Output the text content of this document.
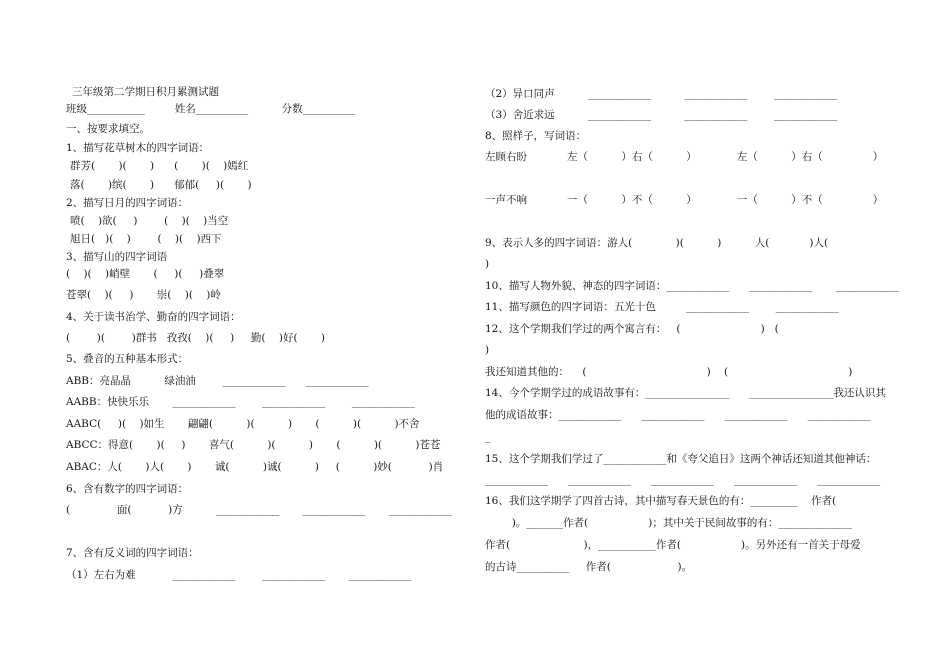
三年级第二学期日积月累测试题
班级___________         姓名__________          分数__________
一、按要求填空。
1、描写花草树木的四字词语：
群芳(       )(       )      (       )(    )嫣红
落(       )缤(       )      郁郁(     )(       )
2、描写日月的四字词语：
喷(    )欲(     )        (    )(    )当空
旭日(   )(    )        (    )(    )西下
3、描写山的四字词语
(    )(    )峭壁       (     )(     )叠翠
苍翠(    )(     )       崇(    )(    )岭
4、关于读书治学、勤奋的四字词语：
(        )(        )群书   孜孜(    )(     )     勤(    )好(       )
5、叠音的五种基本形式：
ABB：亮晶晶          绿油油        ____________      ____________
AABB：快快乐乐       ____________        ____________        ____________
AABC(     )(    )如生       翩翩(          )(          )       (          )(          )不舍
ABCC：得意(       )(     )       喜气(          )(          )       (          )(          )苍苍
ABAC：人(       )人(       )       诚(          )诚(          )     (          )妙(           )肖
6、含有数字的四字词语：
(              面(           )方          ____________       ____________       ____________
7、含有反义词的四字词语：
（1）左右为难           ____________        ____________       ____________
（2）异口同声          ____________          ____________        ____________
（3）舍近求远          ____________          ____________        ____________
8、照样子，写词语：
左顾右盼            左（          ）右（          ）            左（          ）右（               ）
一声不响            一（          ）不（          ）            一（          ）不（               ）
9、表示人多的四字词语：游人(             )(          )          人(            )人(
)
10、描写人物外貌、神态的四字词语：____________      ____________       ____________
11、描写颜色的四字词语：五光十色         ____________        ____________
12、这个学期我们学过的两个寓言有：   (                        )   (
)
我还知道其他的：    (                                    )    (                                    )
14、今个学期学过的成语故事有：________________      ________________我还认识其
他的成语故事：____________      ____________      ____________      ____________
_
15、这个学期我们学过了____________和《夸父追日》这两个神话还知道其他神话：
____________      ____________      ____________      ____________      ____________
16、我们这学期学了四首古诗，其中描写春天景色的有：_________    作者(
)。_______作者(                  )；其中关于民间故事的有：______________
作者(                      )，___________作者(                  )。另外还有一首关于母爱
的古诗__________     作者(                    )。
